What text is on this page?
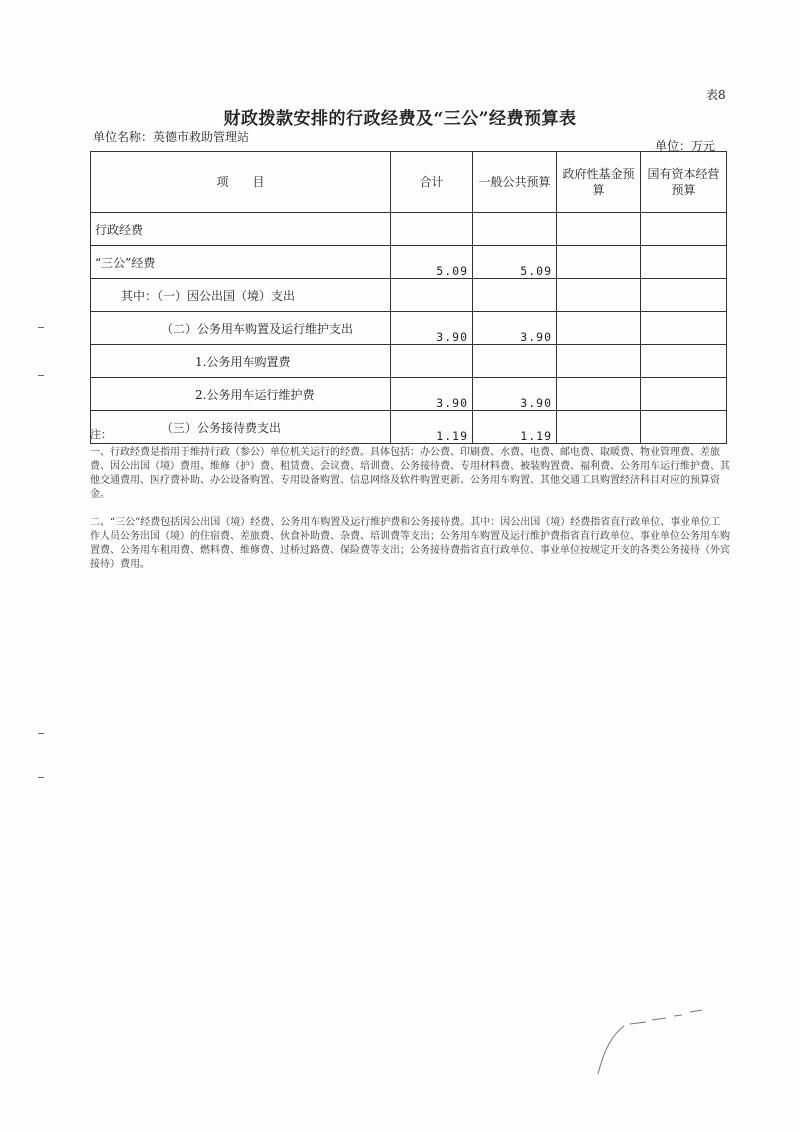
表8
财政拨款安排的行政经费及“三公”经费预算表
单位名称：英德市救助管理站
单位：万元
项　　目	合计	一般公共预算	政府性基金预算	国有资本经营预算
行政经费				
“三公”经费	5.09	5.09		
其中：（一）因公出国（境）支出				
（二）公务用车购置及运行维护支出	3.90	3.90		
1.公务用车购置费				
2.公务用车运行维护费	3.90	3.90		
（三）公务接待费支出	1.19	1.19		

注：

一、行政经费是指用于维持行政（参公）单位机关运行的经费。具体包括：办公费、印刷费、水费、电费、邮电费、取暖费、物业管理费、差旅费、因公出国（境）费用、维修（护）费、租赁费、会议费、培训费、公务接待费、专用材料费、被装购置费、福利费、公务用车运行维护费、其他交通费用、医疗费补助、办公设备购置、专用设备购置、信息网络及软件购置更新、公务用车购置、其他交通工具购置经济科目对应的预算资金。

二、“三公”经费包括因公出国（境）经费、公务用车购置及运行维护费和公务接待费。其中：因公出国（境）经费指省直行政单位、事业单位工作人员公务出国（境）的住宿费、差旅费、伙食补助费、杂费、培训费等支出；公务用车购置及运行维护费指省直行政单位、事业单位公务用车购置费、公务用车租用费、燃料费、维修费、过桥过路费、保险费等支出；公务接待费指省直行政单位、事业单位按规定开支的各类公务接待（外宾接待）费用。
